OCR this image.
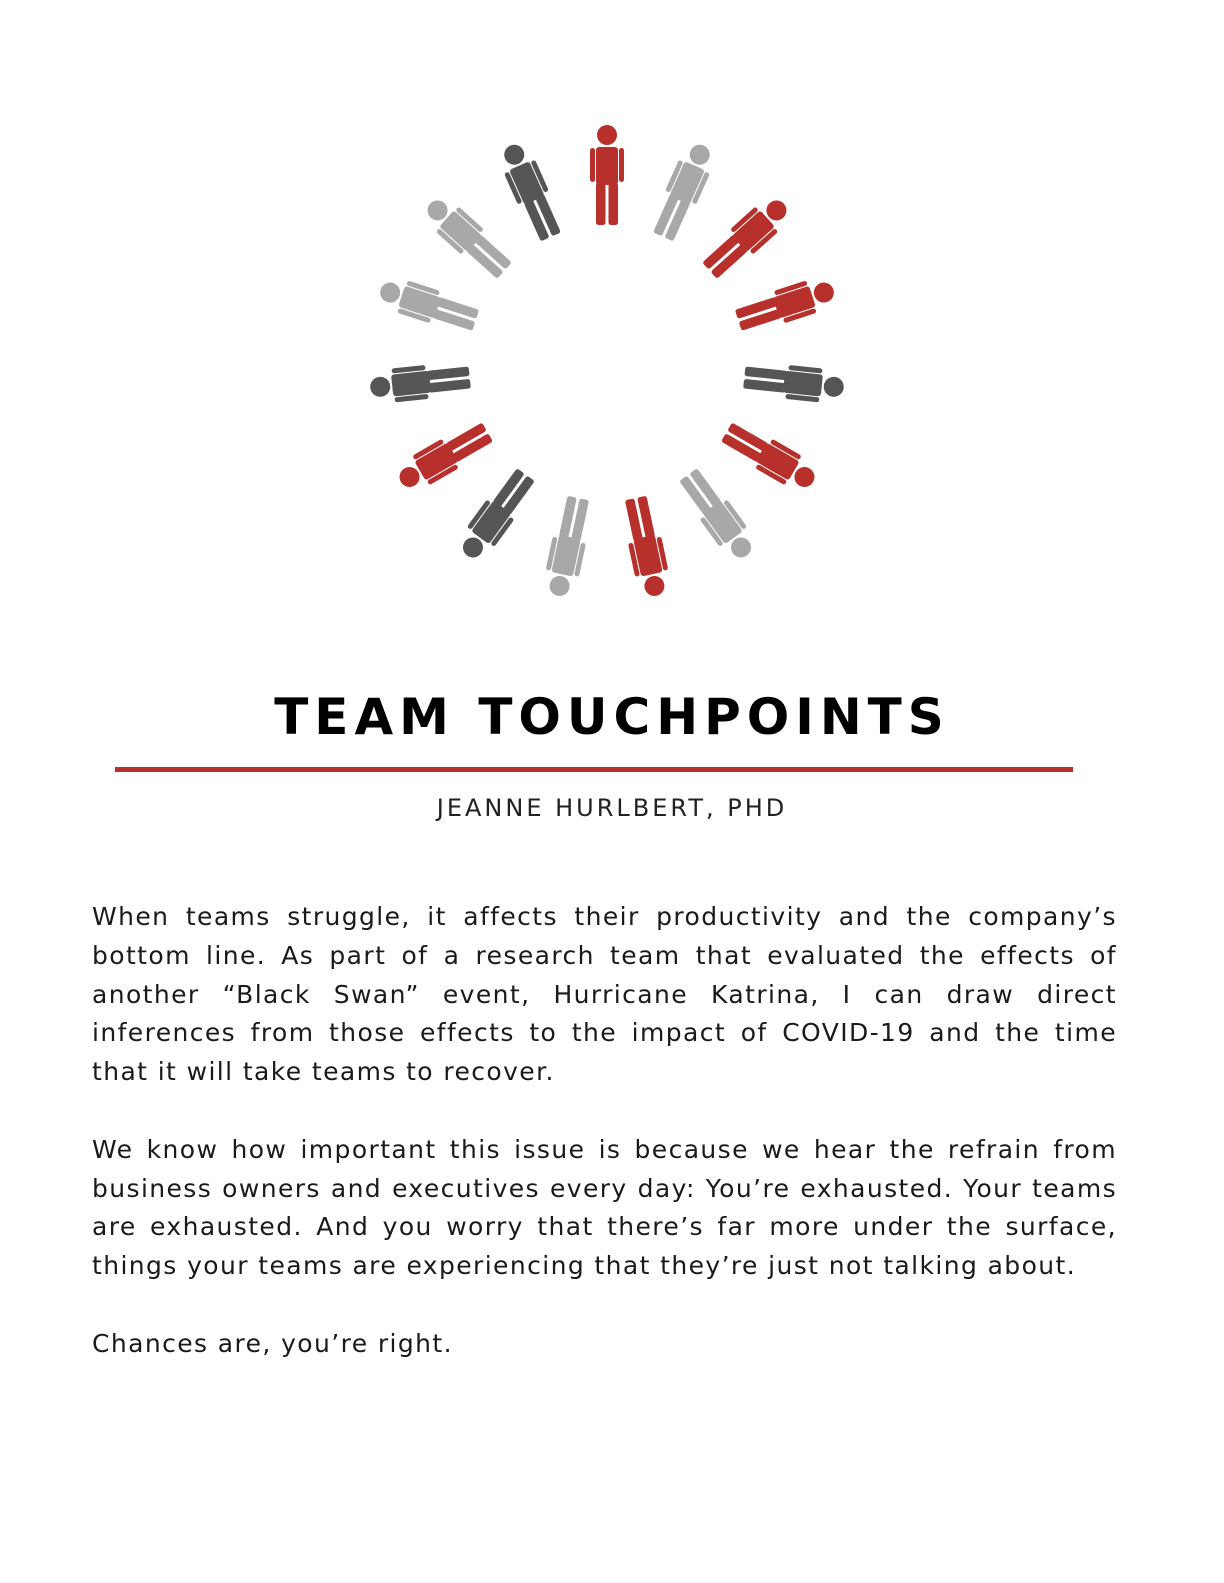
TEAM TOUCHPOINTS
JEANNE HURLBERT, PHD

When teams struggle, it affects their productivity and the company’s bottom line. As part of a research team that evaluated the effects of another “Black Swan” event, Hurricane Katrina, I can draw direct inferences from those effects to the impact of COVID-19 and the time that it will take teams to recover.

We know how important this issue is because we hear the refrain from business owners and executives every day: You’re exhausted. Your teams are exhausted. And you worry that there’s far more under the surface, things your teams are experiencing that they’re just not talking about.

Chances are, you’re right.
